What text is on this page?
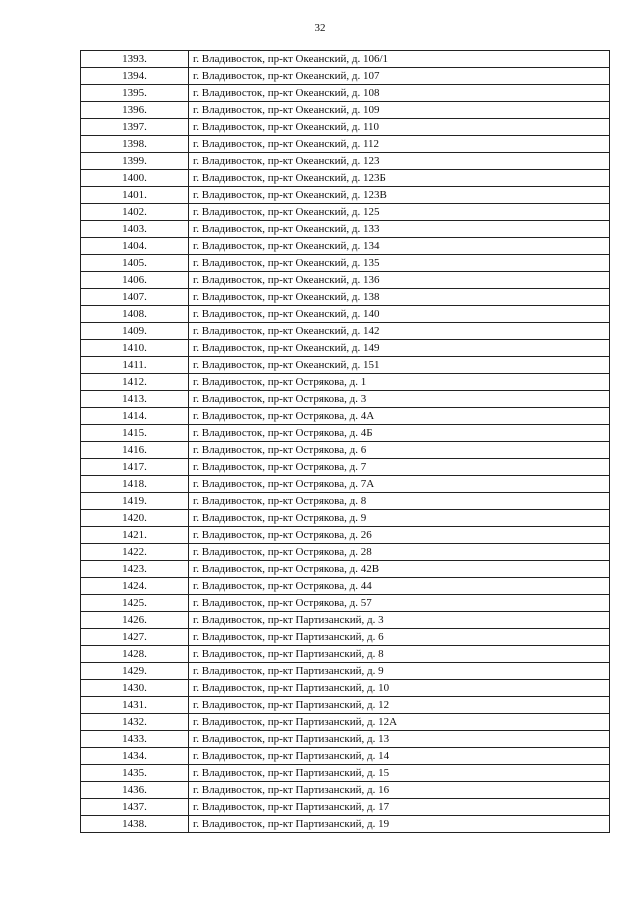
32
1393.	г. Владивосток, пр-кт Океанский, д. 106/1
1394.	г. Владивосток, пр-кт Океанский, д. 107
1395.	г. Владивосток, пр-кт Океанский, д. 108
1396.	г. Владивосток, пр-кт Океанский, д. 109
1397.	г. Владивосток, пр-кт Океанский, д. 110
1398.	г. Владивосток, пр-кт Океанский, д. 112
1399.	г. Владивосток, пр-кт Океанский, д. 123
1400.	г. Владивосток, пр-кт Океанский, д. 123Б
1401.	г. Владивосток, пр-кт Океанский, д. 123В
1402.	г. Владивосток, пр-кт Океанский, д. 125
1403.	г. Владивосток, пр-кт Океанский, д. 133
1404.	г. Владивосток, пр-кт Океанский, д. 134
1405.	г. Владивосток, пр-кт Океанский, д. 135
1406.	г. Владивосток, пр-кт Океанский, д. 136
1407.	г. Владивосток, пр-кт Океанский, д. 138
1408.	г. Владивосток, пр-кт Океанский, д. 140
1409.	г. Владивосток, пр-кт Океанский, д. 142
1410.	г. Владивосток, пр-кт Океанский, д. 149
1411.	г. Владивосток, пр-кт Океанский, д. 151
1412.	г. Владивосток, пр-кт Острякова, д. 1
1413.	г. Владивосток, пр-кт Острякова, д. 3
1414.	г. Владивосток, пр-кт Острякова, д. 4А
1415.	г. Владивосток, пр-кт Острякова, д. 4Б
1416.	г. Владивосток, пр-кт Острякова, д. 6
1417.	г. Владивосток, пр-кт Острякова, д. 7
1418.	г. Владивосток, пр-кт Острякова, д. 7А
1419.	г. Владивосток, пр-кт Острякова, д. 8
1420.	г. Владивосток, пр-кт Острякова, д. 9
1421.	г. Владивосток, пр-кт Острякова, д. 26
1422.	г. Владивосток, пр-кт Острякова, д. 28
1423.	г. Владивосток, пр-кт Острякова, д. 42В
1424.	г. Владивосток, пр-кт Острякова, д. 44
1425.	г. Владивосток, пр-кт Острякова, д. 57
1426.	г. Владивосток, пр-кт Партизанский, д. 3
1427.	г. Владивосток, пр-кт Партизанский, д. 6
1428.	г. Владивосток, пр-кт Партизанский, д. 8
1429.	г. Владивосток, пр-кт Партизанский, д. 9
1430.	г. Владивосток, пр-кт Партизанский, д. 10
1431.	г. Владивосток, пр-кт Партизанский, д. 12
1432.	г. Владивосток, пр-кт Партизанский, д. 12А
1433.	г. Владивосток, пр-кт Партизанский, д. 13
1434.	г. Владивосток, пр-кт Партизанский, д. 14
1435.	г. Владивосток, пр-кт Партизанский, д. 15
1436.	г. Владивосток, пр-кт Партизанский, д. 16
1437.	г. Владивосток, пр-кт Партизанский, д. 17
1438.	г. Владивосток, пр-кт Партизанский, д. 19
